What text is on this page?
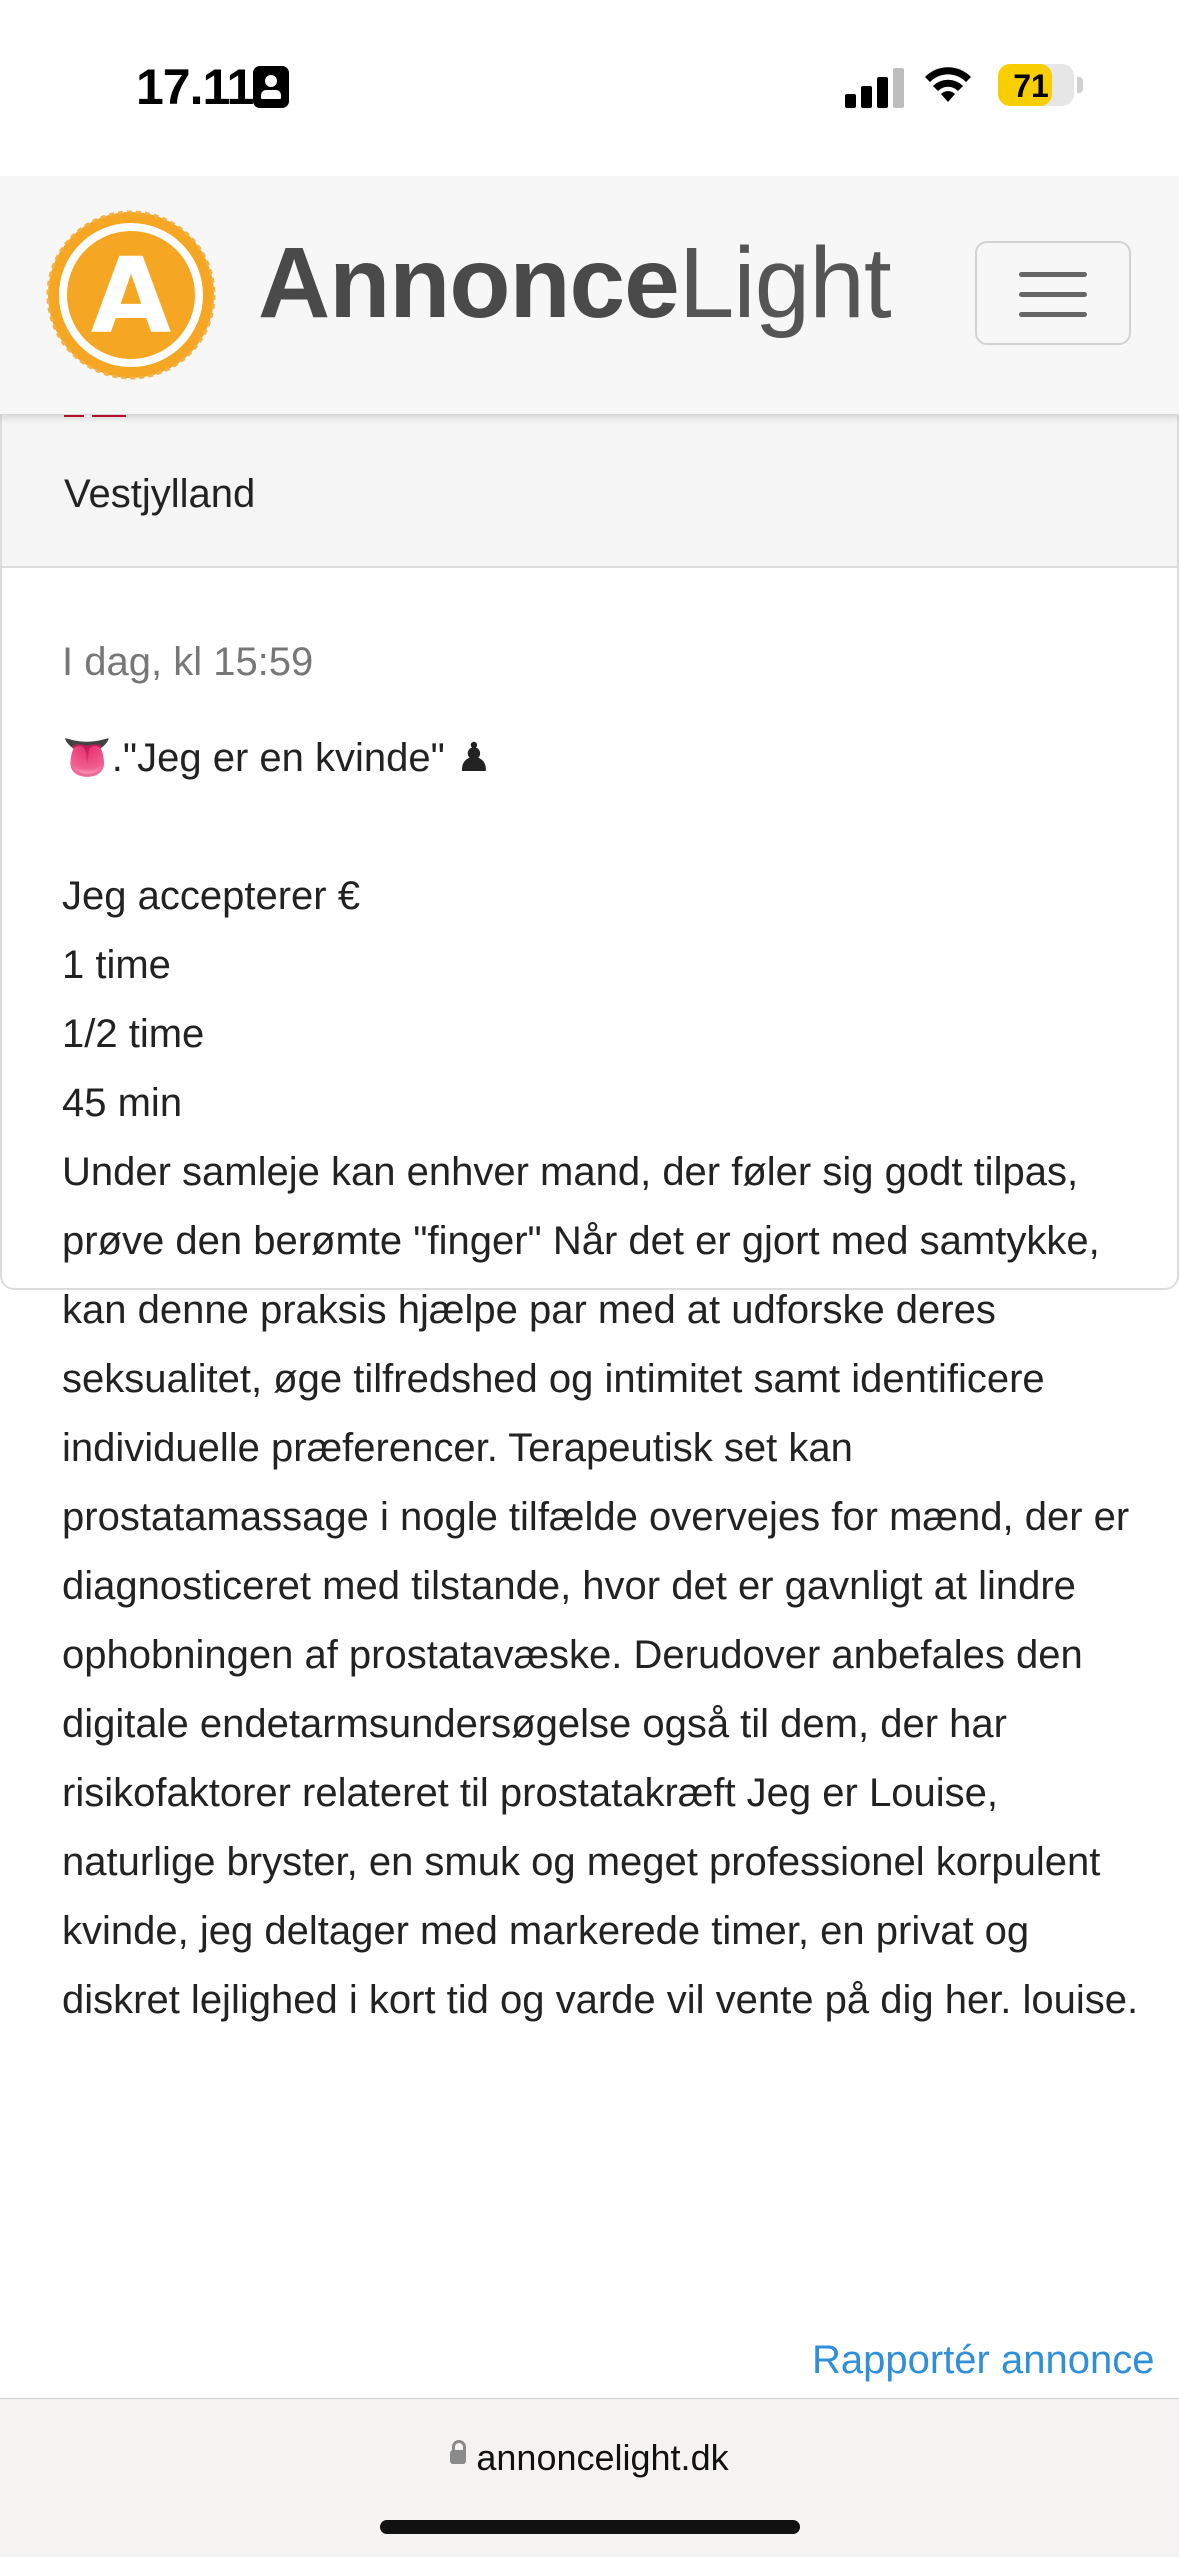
17.11	71
A AnnonceLight
Vestjylland
I dag, kl 15:59
👅."Jeg er en kvinde" ♟

Jeg accepterer €
1 time
1/2 time
45 min
Under samleje kan enhver mand, der føler sig godt tilpas, prøve den berømte "finger" Når det er gjort med samtykke, kan denne praksis hjælpe par med at udforske deres seksualitet, øge tilfredshed og intimitet samt identificere individuelle præferencer. Terapeutisk set kan prostatamassage i nogle tilfælde overvejes for mænd, der er diagnosticeret med tilstande, hvor det er gavnligt at lindre ophobningen af prostatavæske. Derudover anbefales den digitale endetarmsundersøgelse også til dem, der har risikofaktorer relateret til prostatakræft Jeg er Louise, naturlige bryster, en smuk og meget professionel korpulent kvinde, jeg deltager med markerede timer, en privat og diskret lejlighed i kort tid og varde vil vente på dig her. louise.
Rapportér annonce
annoncelight.dk
